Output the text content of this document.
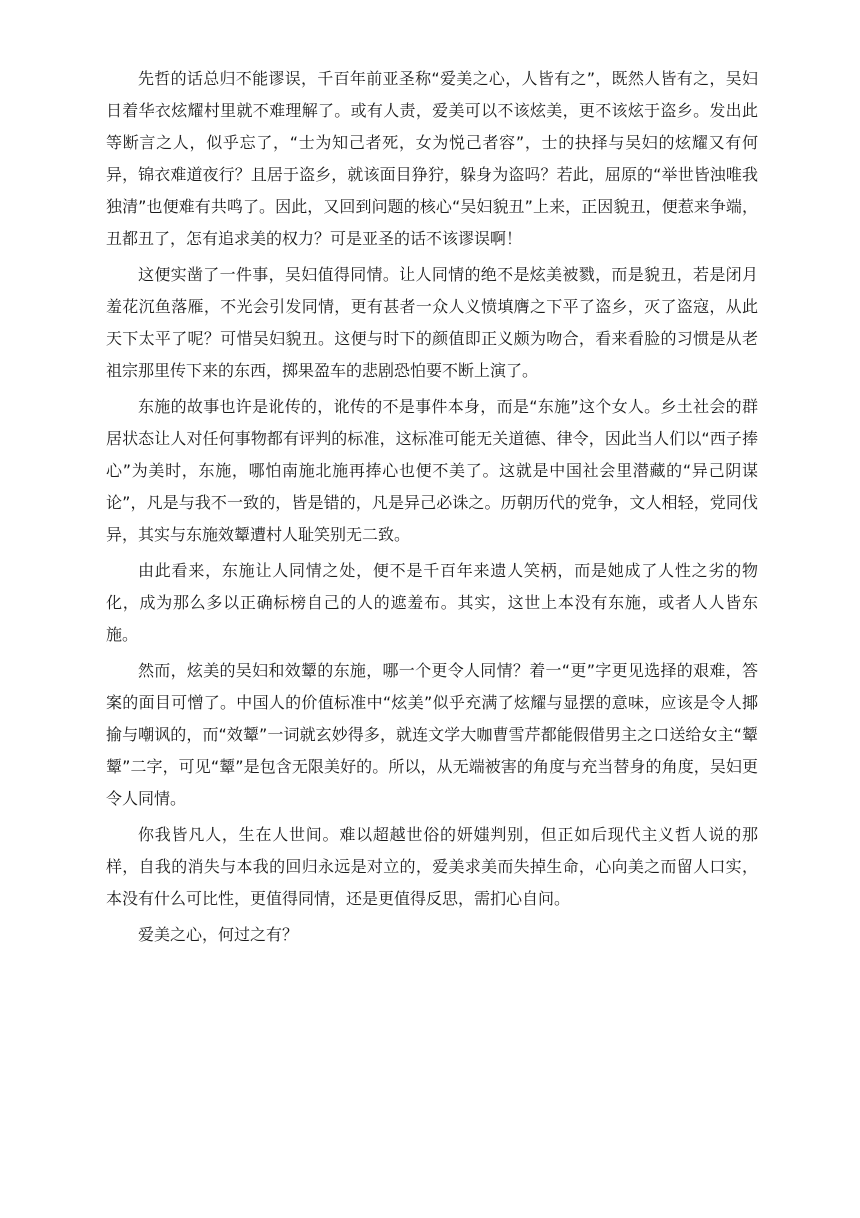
先哲的话总归不能谬误，千百年前亚圣称“爱美之心，人皆有之”，既然人皆有之，吴妇日着华衣炫耀村里就不难理解了。或有人责，爱美可以不该炫美，更不该炫于盗乡。发出此等断言之人，似乎忘了，“士为知己者死，女为悦己者容”，士的抉择与吴妇的炫耀又有何异，锦衣难道夜行？且居于盗乡，就该面目狰狞，躲身为盗吗？若此，屈原的“举世皆浊唯我独清”也便难有共鸣了。因此，又回到问题的核心“吴妇貌丑”上来，正因貌丑，便惹来争端，丑都丑了，怎有追求美的权力？可是亚圣的话不该谬误啊！

这便实凿了一件事，吴妇值得同情。让人同情的绝不是炫美被戮，而是貌丑，若是闭月羞花沉鱼落雁，不光会引发同情，更有甚者一众人义愤填膺之下平了盗乡，灭了盗寇，从此天下太平了呢？可惜吴妇貌丑。这便与时下的颜值即正义颇为吻合，看来看脸的习惯是从老祖宗那里传下来的东西，掷果盈车的悲剧恐怕要不断上演了。

东施的故事也许是讹传的，讹传的不是事件本身，而是“东施”这个女人。乡土社会的群居状态让人对任何事物都有评判的标准，这标准可能无关道德、律令，因此当人们以“西子捧心”为美时，东施，哪怕南施北施再捧心也便不美了。这就是中国社会里潜藏的“异己阴谋论”，凡是与我不一致的，皆是错的，凡是异己必诛之。历朝历代的党争，文人相轻，党同伐异，其实与东施效颦遭村人耻笑别无二致。

由此看来，东施让人同情之处，便不是千百年来遗人笑柄，而是她成了人性之劣的物化，成为那么多以正确标榜自己的人的遮羞布。其实，这世上本没有东施，或者人人皆东施。

然而，炫美的吴妇和效颦的东施，哪一个更令人同情？着一“更”字更见选择的艰难，答案的面目可憎了。中国人的价值标准中“炫美”似乎充满了炫耀与显摆的意味，应该是令人揶揄与嘲讽的，而“效颦”一词就玄妙得多，就连文学大咖曹雪芹都能假借男主之口送给女主“颦颦”二字，可见“颦”是包含无限美好的。所以，从无端被害的角度与充当替身的角度，吴妇更令人同情。

你我皆凡人，生在人世间。难以超越世俗的妍媸判别，但正如后现代主义哲人说的那样，自我的消失与本我的回归永远是对立的，爱美求美而失掉生命，心向美之而留人口实，本没有什么可比性，更值得同情，还是更值得反思，需扪心自问。

爱美之心，何过之有？
